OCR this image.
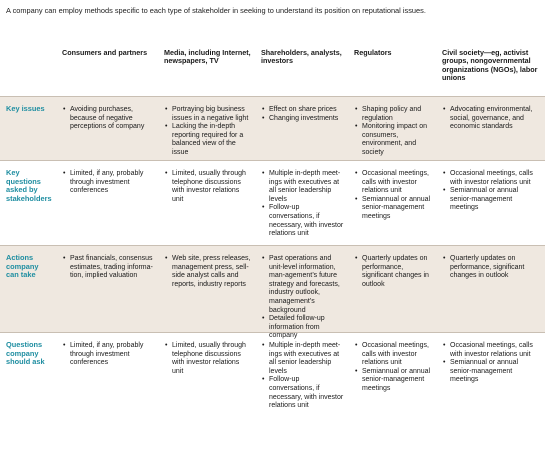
A company can employ methods specific to each type of stakeholder in seeking to understand its position on reputational issues.
Consumers and partners	Media, including Internet, newspapers, TV
Shareholders, analysts, investors
Regulators	Civil society—eg, activist groups, nongovernmental organizations (NGOs), labor unions
Key issues
•	Avoiding purchases, because of negative perceptions of company
• Portraying big business issues in a negative light
• Lacking the in-depth reporting required for a balanced view of the issue
• Effect on share prices
• Changing investments
• Shaping policy and regulation
• Monitoring impact on consumers, environment, and society
• Advocating environmental, social, governance, and economic standards
Key questions asked by stakeholders
• Limited, if any, probably through investment conferences
• Limited, usually through telephone discussions with investor relations unit
• Multiple in-depth meet-ings with executives at all senior leadership levels
• Follow-up conversations, if necessary, with investor relations unit
• Occasional meetings, calls with investor relations unit
• Semiannual or annual senior-management meetings
• Occasional meetings, calls with investor relations unit
• Semiannual or annual senior-management meetings
Actions company can take
• Past financials, consensus estimates, trading informa-tion, implied valuation
• Web site, press releases, management press, sell-side analyst calls and reports, industry reports
• Past operations and unit-level information, man-agement’s future strategy and forecasts, industry outlook, management’s background
• Detailed follow-up information from company
• Quarterly updates on performance, significant changes in outlook
• Quarterly updates on performance, significant changes in outlook
Questions company should ask
• Limited, if any, probably through investment conferences
• Limited, usually through telephone discussions with investor relations unit
• Multiple in-depth meet-ings with executives at all senior leadership levels
• Follow-up conversations, if necessary, with investor relations unit
• Occasional meetings, calls with investor relations unit
• Semiannual or annual senior-management meetings
• Occasional meetings, calls with investor relations unit
• Semiannual or annual senior-management meetings
